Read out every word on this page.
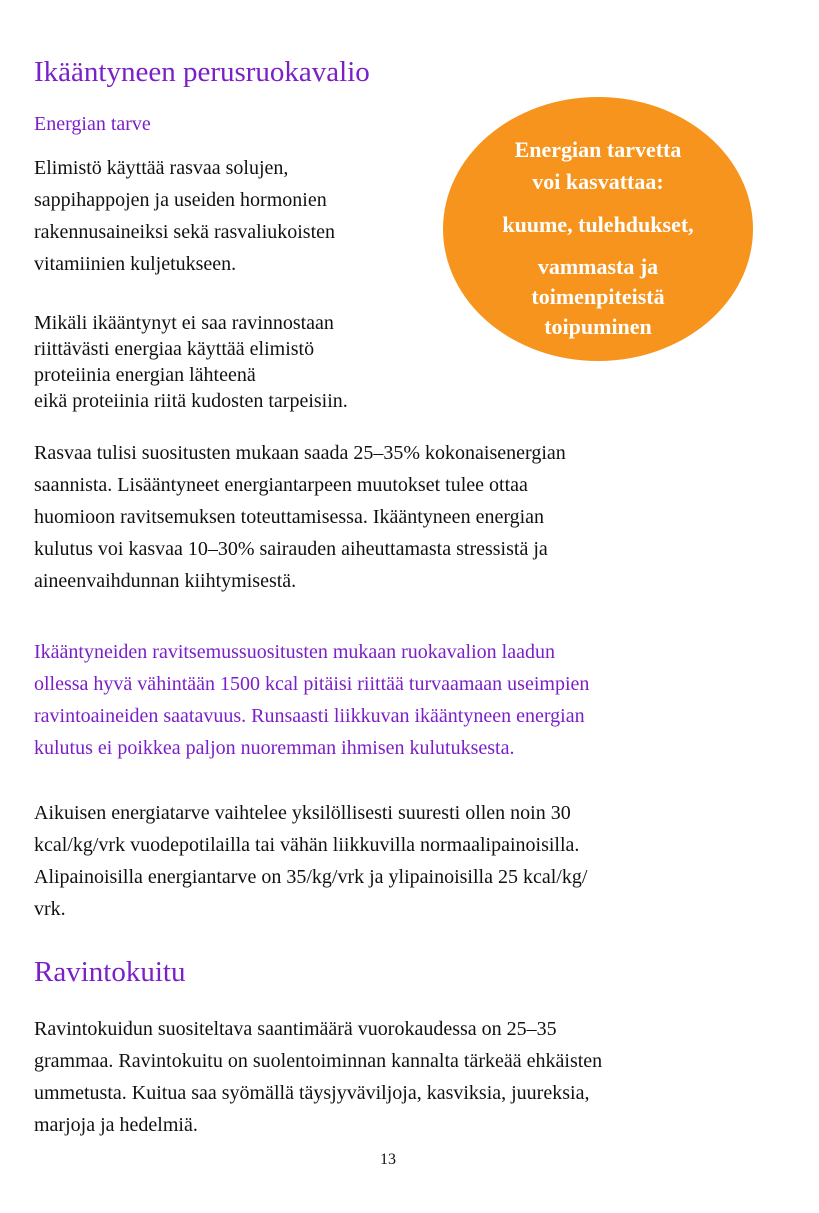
Ikääntyneen perusruokavalio
Energian tarve

Elimistö käyttää rasvaa solujen,
sappihappojen ja useiden hormonien
rakennusaineiksi sekä rasvaliukoisten
vitamiinien kuljetukseen.

Mikäli ikääntynyt ei saa ravinnostaan
riittävästi energiaa käyttää elimistö
proteiinia energian lähteenä
eikä proteiinia riitä kudosten tarpeisiin.

Energian tarvetta
voi kasvattaa:
kuume, tulehdukset,
vammasta ja
toimenpiteistä
toipuminen

Rasvaa tulisi suositusten mukaan saada 25–35% kokonaisenergian
saannista. Lisääntyneet energiantarpeen muutokset tulee ottaa
huomioon ravitsemuksen toteuttamisessa. Ikääntyneen energian
kulutus voi kasvaa 10–30% sairauden aiheuttamasta stressistä ja
aineenvaihdunnan kiihtymisestä.

Ikääntyneiden ravitsemussuositusten mukaan ruokavalion laadun
ollessa hyvä vähintään 1500 kcal pitäisi riittää turvaamaan useimpien
ravintoaineiden saatavuus. Runsaasti liikkuvan ikääntyneen energian
kulutus ei poikkea paljon nuoremman ihmisen kulutuksesta.

Aikuisen energiatarve vaihtelee yksilöllisesti suuresti ollen noin 30
kcal/kg/vrk vuodepotilailla tai vähän liikkuvilla normaalipainoisilla.
Alipainoisilla energiantarve on 35/kg/vrk ja ylipainoisilla 25 kcal/kg/
vrk.

Ravintokuitu

Ravintokuidun suositeltava saantimäärä vuorokaudessa on 25–35
grammaa. Ravintokuitu on suolentoiminnan kannalta tärkeää ehkäisten
ummetusta. Kuitua saa syömällä täysjyväviljoja, kasviksia, juureksia,
marjoja ja hedelmiä.

13
